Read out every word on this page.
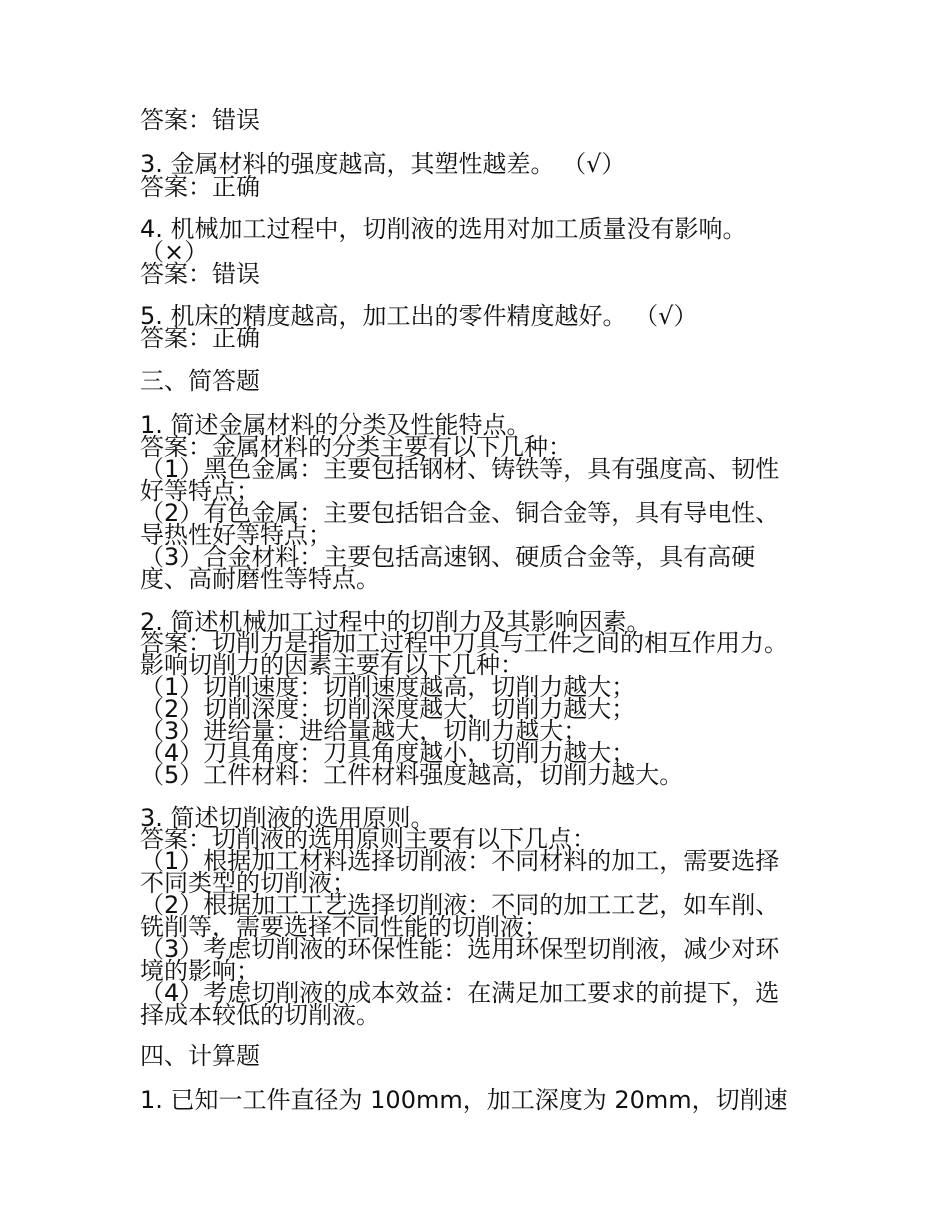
答案：错误
3. 金属材料的强度越高，其塑性越差。 （√）
答案：正确
4. 机械加工过程中，切削液的选用对加工质量没有影响。
（×）
答案：错误
5. 机床的精度越高，加工出的零件精度越好。 （√）
答案：正确
三、简答题
1. 简述金属材料的分类及性能特点。
答案：金属材料的分类主要有以下几种：
（1）黑色金属：主要包括钢材、铸铁等，具有强度高、韧性
好等特点；
（2）有色金属：主要包括铝合金、铜合金等，具有导电性、
导热性好等特点；
（3）合金材料：主要包括高速钢、硬质合金等，具有高硬
度、高耐磨性等特点。
2. 简述机械加工过程中的切削力及其影响因素。
答案：切削力是指加工过程中刀具与工件之间的相互作用力。
影响切削力的因素主要有以下几种：
（1）切削速度：切削速度越高，切削力越大；
（2）切削深度：切削深度越大，切削力越大；
（3）进给量：进给量越大，切削力越大；
（4）刀具角度：刀具角度越小，切削力越大；
（5）工件材料：工件材料强度越高，切削力越大。
3. 简述切削液的选用原则。
答案：切削液的选用原则主要有以下几点：
（1）根据加工材料选择切削液：不同材料的加工，需要选择
不同类型的切削液；
（2）根据加工工艺选择切削液：不同的加工工艺，如车削、
铣削等，需要选择不同性能的切削液；
（3）考虑切削液的环保性能：选用环保型切削液，减少对环
境的影响；
（4）考虑切削液的成本效益：在满足加工要求的前提下，选
择成本较低的切削液。
四、计算题
1. 已知一工件直径为 100mm，加工深度为 20mm，切削速
